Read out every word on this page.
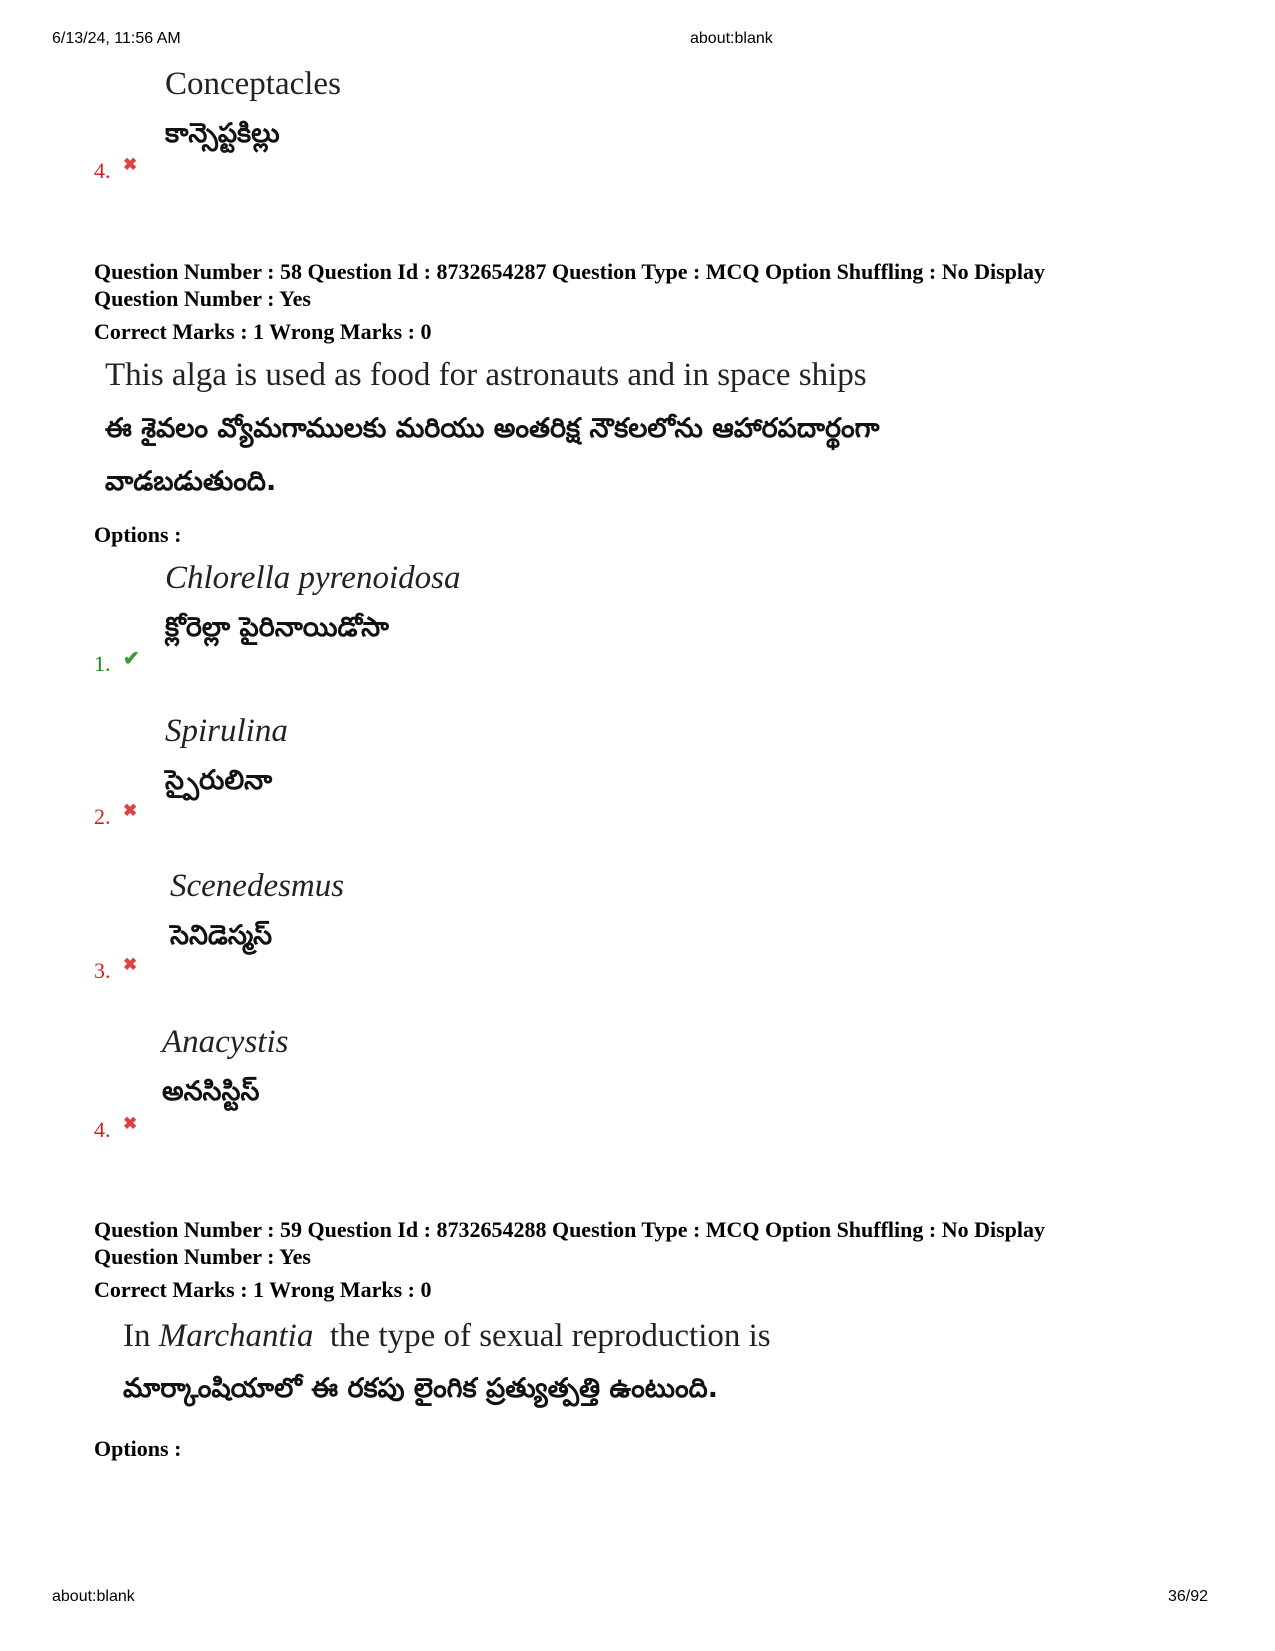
6/13/24, 11:56 AM	about:blank
Conceptacles
కాన్సెప్టకిల్లు
4. ✖
Question Number : 58 Question Id : 8732654287 Question Type : MCQ Option Shuffling : No Display
Question Number : Yes
Correct Marks : 1 Wrong Marks : 0
This alga is used as food for astronauts and in space ships
ఈ శైవలం వ్యోమగాములకు మరియు అంతరిక్ష నౌకలలోను ఆహారపదార్థంగా
వాడబడుతుంది.
Options :
Chlorella pyrenoidosa
క్లోరెల్లా పైరినాయిడోసా
1. ✔
Spirulina
స్పైరులినా
2. ✖
Scenedesmus
సెనిడెస్మస్
3. ✖
Anacystis
అనసిస్టిస్
4. ✖
Question Number : 59 Question Id : 8732654288 Question Type : MCQ Option Shuffling : No Display
Question Number : Yes
Correct Marks : 1 Wrong Marks : 0
In Marchantia  the type of sexual reproduction is
మార్కాంషియాలో ఈ రకపు లైంగిక ప్రత్యుత్పత్తి ఉంటుంది.
Options :
about:blank	36/92
